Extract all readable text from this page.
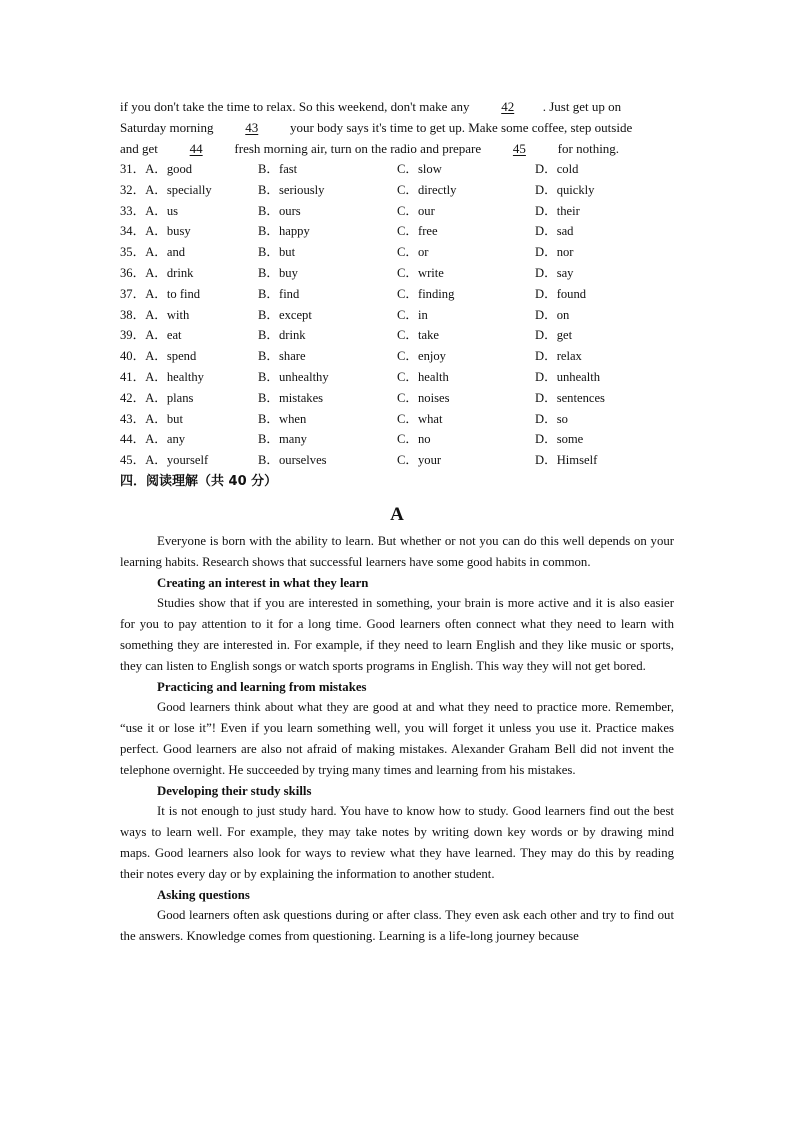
if you don't take the time to relax. So this weekend, don't make any 42 . Just get up on
Saturday morning 43 your body says it's time to get up. Make some coffee, step outside
and get 44 fresh morning air, turn on the radio and prepare 45 for nothing.
31．A．good	B．fast	C．slow	D．cold
32．A．specially	B．seriously	C．directly	D．quickly
33．A．us	B．ours	C．our	D．their
34．A．busy	B．happy	C．free	D．sad
35．A．and	B．but	C．or	D．nor
36．A．drink	B．buy	C．write	D．say
37．A．to find	B．find	C．finding	D．found
38．A．with	B．except	C．in	D．on
39．A．eat	B．drink	C．take	D．get
40．A．spend	B．share	C．enjoy	D．relax
41．A．healthy	B．unhealthy	C．health	D．unhealth
42．A．plans	B．mistakes	C．noises	D．sentences
43．A．but	B．when	C．what	D．so
44．A．any	B．many	C．no	D．some
45．A．yourself	B．ourselves	C．your	D．Himself
四．阅读理解（共 40 分）
A
Everyone is born with the ability to learn. But whether or not you can do this well depends on your learning habits. Research shows that successful learners have some good habits in common.
Creating an interest in what they learn
Studies show that if you are interested in something, your brain is more active and it is also easier for you to pay attention to it for a long time. Good learners often connect what they need to learn with something they are interested in. For example, if they need to learn English and they like music or sports, they can listen to English songs or watch sports programs in English. This way they will not get bored.
Practicing and learning from mistakes
Good learners think about what they are good at and what they need to practice more. Remember, “use it or lose it”! Even if you learn something well, you will forget it unless you use it. Practice makes perfect. Good learners are also not afraid of making mistakes. Alexander Graham Bell did not invent the telephone overnight. He succeeded by trying many times and learning from his mistakes.
Developing their study skills
It is not enough to just study hard. You have to know how to study. Good learners find out the best ways to learn well. For example, they may take notes by writing down key words or by drawing mind maps. Good learners also look for ways to review what they have learned. They may do this by reading their notes every day or by explaining the information to another student.
Asking questions
Good learners often ask questions during or after class. They even ask each other and try to find out the answers. Knowledge comes from questioning. Learning is a life-long journey because
